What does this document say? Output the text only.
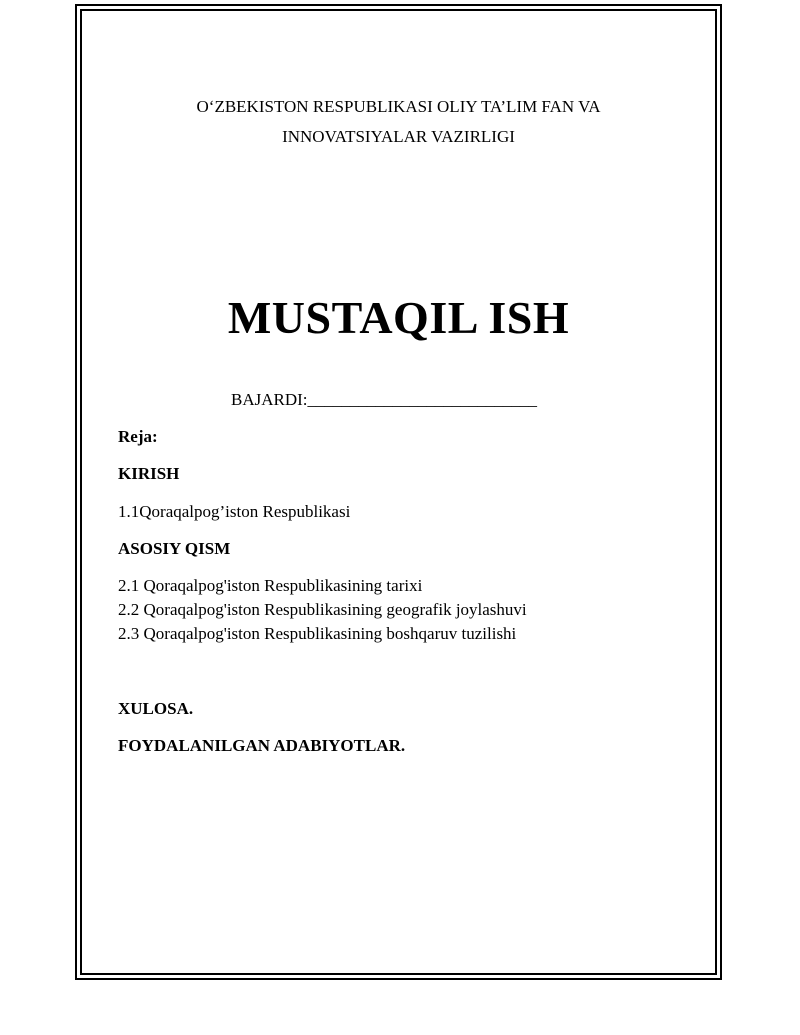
O‘ZBEKISTON RESPUBLIKASI OLIY TA’LIM FAN VA
INNOVATSIYALAR VAZIRLIGI
MUSTAQIL ISH
BAJARDI:___________________________
Reja:
KIRISH
1.1Qoraqalpog’iston Respublikasi
ASOSIY QISM
2.1 Qoraqalpog'iston Respublikasining tarixi
2.2 Qoraqalpog'iston Respublikasining geografik joylashuvi
2.3 Qoraqalpog'iston Respublikasining boshqaruv tuzilishi
XULOSA.
FOYDALANILGAN ADABIYOTLAR.
